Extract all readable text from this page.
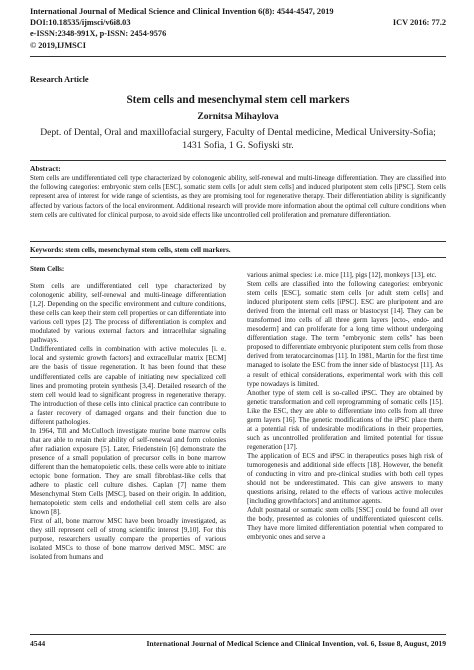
International Journal of Medical Science and Clinical Invention 6(8): 4544-4547, 2019
DOI:10.18535/ijmsci/v6i8.03	ICV 2016: 77.2
e-ISSN:2348-991X, p-ISSN: 2454-9576
© 2019,IJMSCI
Research Article
Stem cells and mesenchymal stem cell markers
Zornitsa Mihaylova
Dept. of Dental, Oral and maxillofacial surgery, Faculty of Dental medicine, Medical University-Sofia; 1431 Sofia, 1 G. Sofiyski str.
Abstract:
Stem cells are undifferentiated cell type characterized by colonogenic ability, self-renewal and multi-lineage differentiation. They are classified into the following categories: embryonic stem cells [ESC], somatic stem cells [or adult stem cells] and induced pluripotent stem cells [iPSC]. Stem cells represent area of interest for wide range of scientists, as they are promising tool for regenerative therapy. Their differentiation ability is significantly affected by various factors of the local environment. Additional research will provide more information about the optimal cell culture conditions when stem cells are cultivated for clinical purpose, to avoid side effects like uncontrolled cell proliferation and premature differentiation.
Keywords: stem cells, mesenchymal stem cells, stem cell markers.

Stem Cells:

Stem cells are undifferentiated cell type characterized by colonogenic ability, self-renewal and multi-lineage differentiation [1,2]. Depending on the specific environment and culture conditions, these cells can keep their stem cell properties or can differentiate into various cell types [2]. The process of differentiation is complex and modulated by various external factors and intracellular signaling pathways.

Undifferentiated cells in combination with active molecules [i. e. local and systemic growth factors] and extracellular matrix [ECM] are the basis of tissue regeneration. It has been found that these undifferentiated cells are capable of initiating new specialized cell lines and promoting protein synthesis [3,4]. Detailed research of the stem cell would lead to significant progress in regenerative therapy. The introduction of these cells into clinical practice can contribute to a faster recovery of damaged organs and their function due to different pathologies.

In 1964, Till and McCulloch investigate murine bone marrow cells that are able to retain their ability of self-renewal and form colonies after radiation exposure [5]. Later, Friedenstein [6] demonstrate the presence of a small population of precursor cells in bone marrow different than the hematopoietic cells. these cells were able to initiate ectopic bone formation. They are small fibroblast-like cells that adhere to plastic cell culture dishes. Caplan [7] name them Mesenchymal Stem Cells [MSC], based on their origin. In addition, hematopoietic stem cells and endothelial cell stem cells are also known [8].

First of all, bone marrow MSC have been broadly investigated, as they still represent cell of strong scientific interest [9,10]. For this purpose, researchers usually compare the properties of various isolated MSCs to those of bone marrow derived MSC. MSC are isolated from humans and

various animal species: i.e. mice [11], pigs [12], monkeys [13], etc.

Stem cells are classified into the following categories: embryonic stem cells [ESC], somatic stem cells [or adult stem cells] and induced pluripotent stem cells [iPSC]. ESC are pluripotent and are derived from the internal cell mass or blastocyst [14]. They can be transformed into cells of all three germ layers [ecto-, endo- and mesoderm] and can proliferate for a long time without undergoing differentiation stage. The term "embryonic stem cells" has been proposed to differentiate embryonic pluripotent stem cells from those derived from teratocarcinomas [11]. In 1981, Martin for the first time managed to isolate the ESC from the inner side of blastocyst [11]. As a result of ethical considerations, experimental work with this cell type nowadays is limited.

Another type of stem cell is so-called iPSC. They are obtained by genetic transformation and cell reprogramming of somatic cells [15]. Like the ESC, they are able to differentiate into cells from all three germ layers [16]. The genetic modifications of the iPSC place them at a potential risk of undesirable modifications in their properties, such as uncontrolled proliferation and limited potential for tissue regeneration [17].

The application of ECS and iPSC in therapeutics poses high risk of tumorogenesis and additional side effects [18]. However, the benefit of conducting in vitro and pre-clinical studies with both cell types should not be underestimated. This can give answers to many questions arising, related to the effects of various active molecules [including growthfactors] and antitumor agents.

Adult postnatal or somatic stem cells [SSC] could be found all over the body, presented as colonies of undifferentiated quiescent cells. They have more limited differentiation potential when compared to embryonic ones and serve a

4544	International Journal of Medical Science and Clinical Invention, vol. 6, Issue 8, August, 2019
